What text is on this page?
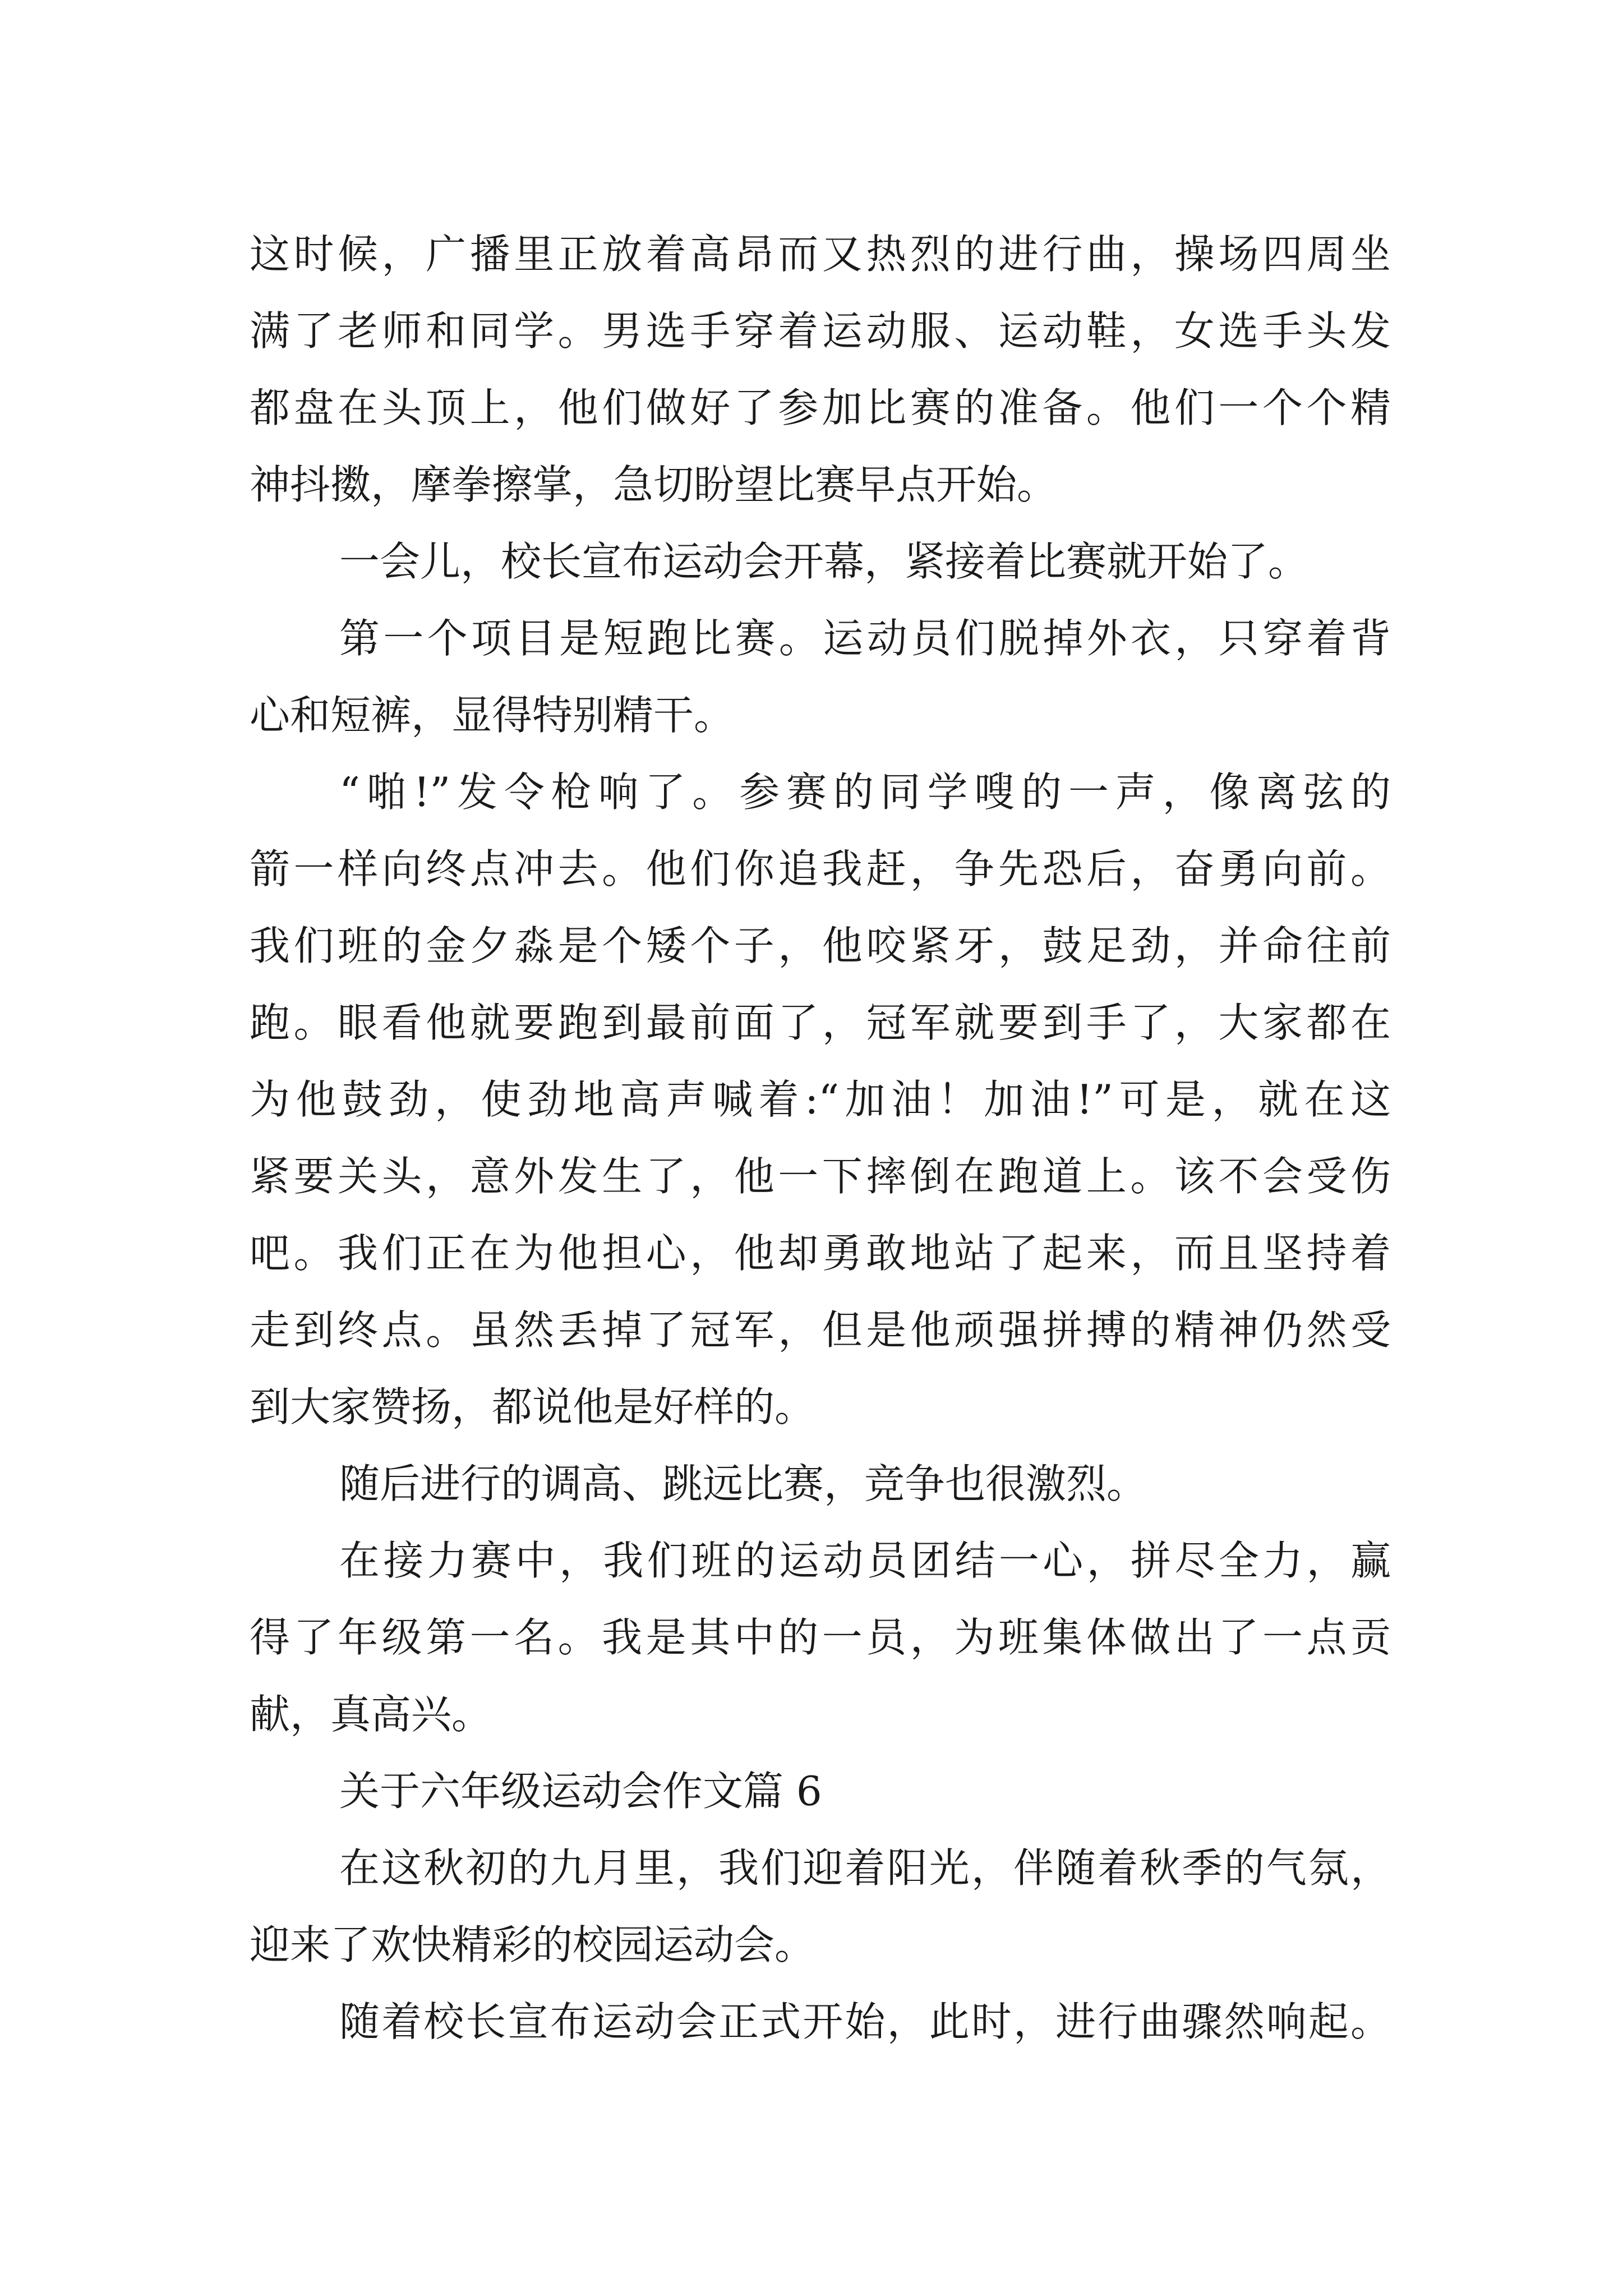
这时候，广播里正放着高昂而又热烈的进行曲，操场四周坐
满了老师和同学。男选手穿着运动服、运动鞋，女选手头发
都盘在头顶上，他们做好了参加比赛的准备。他们一个个精
神抖擞，摩拳擦掌，急切盼望比赛早点开始。
一会儿，校长宣布运动会开幕，紧接着比赛就开始了。
第一个项目是短跑比赛。运动员们脱掉外衣，只穿着背
心和短裤，显得特别精干。
“啪!”发令枪响了。参赛的同学嗖的一声，像离弦的
箭一样向终点冲去。他们你追我赶，争先恐后，奋勇向前。
我们班的金夕淼是个矮个子，他咬紧牙，鼓足劲，并命往前
跑。眼看他就要跑到最前面了，冠军就要到手了，大家都在
为他鼓劲，使劲地高声喊着:“加油！加油!”可是，就在这
紧要关头，意外发生了，他一下摔倒在跑道上。该不会受伤
吧。我们正在为他担心，他却勇敢地站了起来，而且坚持着
走到终点。虽然丢掉了冠军，但是他顽强拼搏的精神仍然受
到大家赞扬，都说他是好样的。
随后进行的调高、跳远比赛，竞争也很激烈。
在接力赛中，我们班的运动员团结一心，拼尽全力，赢
得了年级第一名。我是其中的一员，为班集体做出了一点贡
献，真高兴。
关于六年级运动会作文篇 6
在这秋初的九月里，我们迎着阳光，伴随着秋季的气氛，
迎来了欢快精彩的校园运动会。
随着校长宣布运动会正式开始，此时，进行曲骤然响起。
